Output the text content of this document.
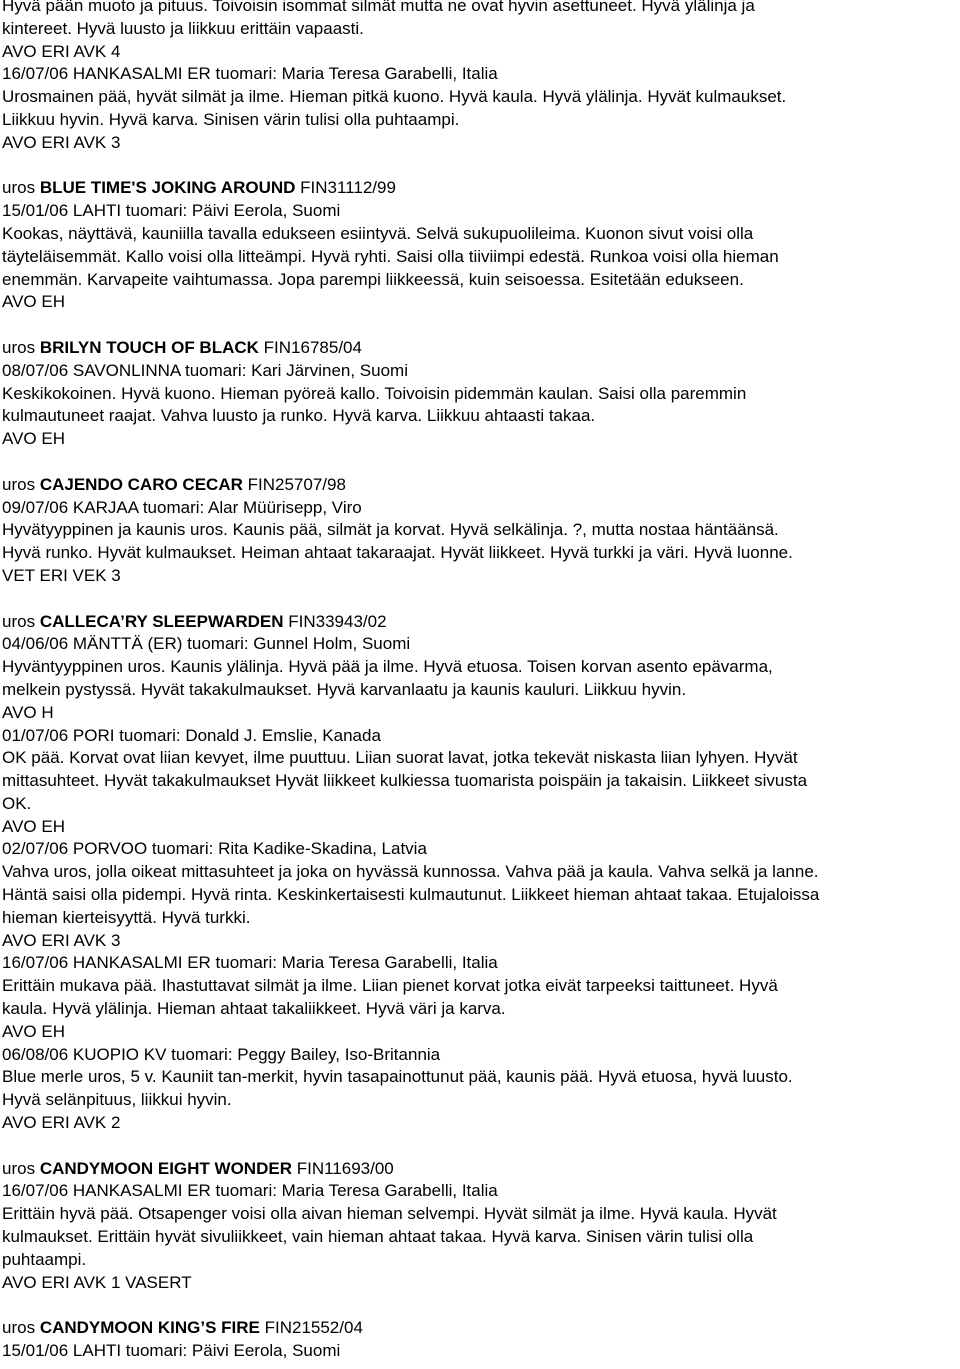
Hyvä pään muoto ja pituus. Toivoisin isommat silmät mutta ne ovat hyvin asettuneet. Hyvä ylälinja ja
kintereet. Hyvä luusto ja liikkuu erittäin vapaasti.
AVO ERI AVK 4
16/07/06 HANKASALMI ER tuomari: Maria Teresa Garabelli, Italia
Urosmainen pää, hyvät silmät ja ilme. Hieman pitkä kuono. Hyvä kaula. Hyvä ylälinja. Hyvät kulmaukset.
Liikkuu hyvin. Hyvä karva. Sinisen värin tulisi olla puhtaampi.
AVO ERI AVK 3
uros BLUE TIME'S JOKING AROUND FIN31112/99
15/01/06 LAHTI tuomari: Päivi Eerola, Suomi
Kookas, näyttävä, kauniilla tavalla edukseen esiintyvä. Selvä sukupuolileima. Kuonon sivut voisi olla
täyteläisemmät. Kallo voisi olla litteämpi. Hyvä ryhti. Saisi olla tiiviimpi edestä. Runkoa voisi olla hieman
enemmän. Karvapeite vaihtumassa. Jopa parempi liikkeessä, kuin seisoessa. Esitetään edukseen.
AVO EH
uros BRILYN TOUCH OF BLACK FIN16785/04
08/07/06 SAVONLINNA tuomari: Kari Järvinen, Suomi
Keskikokoinen. Hyvä kuono. Hieman pyöreä kallo. Toivoisin pidemmän kaulan. Saisi olla paremmin
kulmautuneet raajat. Vahva luusto ja runko. Hyvä karva. Liikkuu ahtaasti takaa.
AVO EH
uros CAJENDO CARO CECAR FIN25707/98
09/07/06 KARJAA tuomari: Alar Müürisepp, Viro
Hyvätyyppinen ja kaunis uros. Kaunis pää, silmät ja korvat. Hyvä selkälinja. ?, mutta nostaa häntäänsä.
Hyvä runko. Hyvät kulmaukset. Heiman ahtaat takaraajat. Hyvät liikkeet. Hyvä turkki ja väri. Hyvä luonne.
VET ERI VEK 3
uros CALLECA’RY SLEEPWARDEN FIN33943/02
04/06/06 MÄNTTÄ (ER) tuomari: Gunnel Holm, Suomi
Hyväntyyppinen uros. Kaunis ylälinja. Hyvä pää ja ilme. Hyvä etuosa. Toisen korvan asento epävarma,
melkein pystyssä. Hyvät takakulmaukset. Hyvä karvanlaatu ja kaunis kauluri. Liikkuu hyvin.
AVO H
01/07/06 PORI tuomari: Donald J. Emslie, Kanada
OK pää. Korvat ovat liian kevyet, ilme puuttuu. Liian suorat lavat, jotka tekevät niskasta liian lyhyen. Hyvät
mittasuhteet. Hyvät takakulmaukset Hyvät liikkeet kulkiessa tuomarista poispäin ja takaisin. Liikkeet sivusta
OK.
AVO EH
02/07/06 PORVOO tuomari: Rita Kadike-Skadina, Latvia
Vahva uros, jolla oikeat mittasuhteet ja joka on hyvässä kunnossa. Vahva pää ja kaula. Vahva selkä ja lanne.
Häntä saisi olla pidempi. Hyvä rinta. Keskinkertaisesti kulmautunut. Liikkeet hieman ahtaat takaa. Etujaloissa
hieman kierteisyyttä. Hyvä turkki.
AVO ERI AVK 3
16/07/06 HANKASALMI ER tuomari: Maria Teresa Garabelli, Italia
Erittäin mukava pää. Ihastuttavat silmät ja ilme. Liian pienet korvat jotka eivät tarpeeksi taittuneet. Hyvä
kaula. Hyvä ylälinja. Hieman ahtaat takaliikkeet. Hyvä väri ja karva.
AVO EH
06/08/06 KUOPIO KV tuomari: Peggy Bailey, Iso-Britannia
Blue merle uros, 5 v. Kauniit tan-merkit, hyvin tasapainottunut pää, kaunis pää. Hyvä etuosa, hyvä luusto.
Hyvä selänpituus, liikkui hyvin.
AVO ERI AVK 2
uros CANDYMOON EIGHT WONDER FIN11693/00
16/07/06 HANKASALMI ER tuomari: Maria Teresa Garabelli, Italia
Erittäin hyvä pää. Otsapenger voisi olla aivan hieman selvempi. Hyvät silmät ja ilme. Hyvä kaula. Hyvät
kulmaukset. Erittäin hyvät sivuliikkeet, vain hieman ahtaat takaa. Hyvä karva. Sinisen värin tulisi olla
puhtaampi.
AVO ERI AVK 1 VASERT
uros CANDYMOON KING’S FIRE FIN21552/04
15/01/06 LAHTI tuomari: Päivi Eerola, Suomi
